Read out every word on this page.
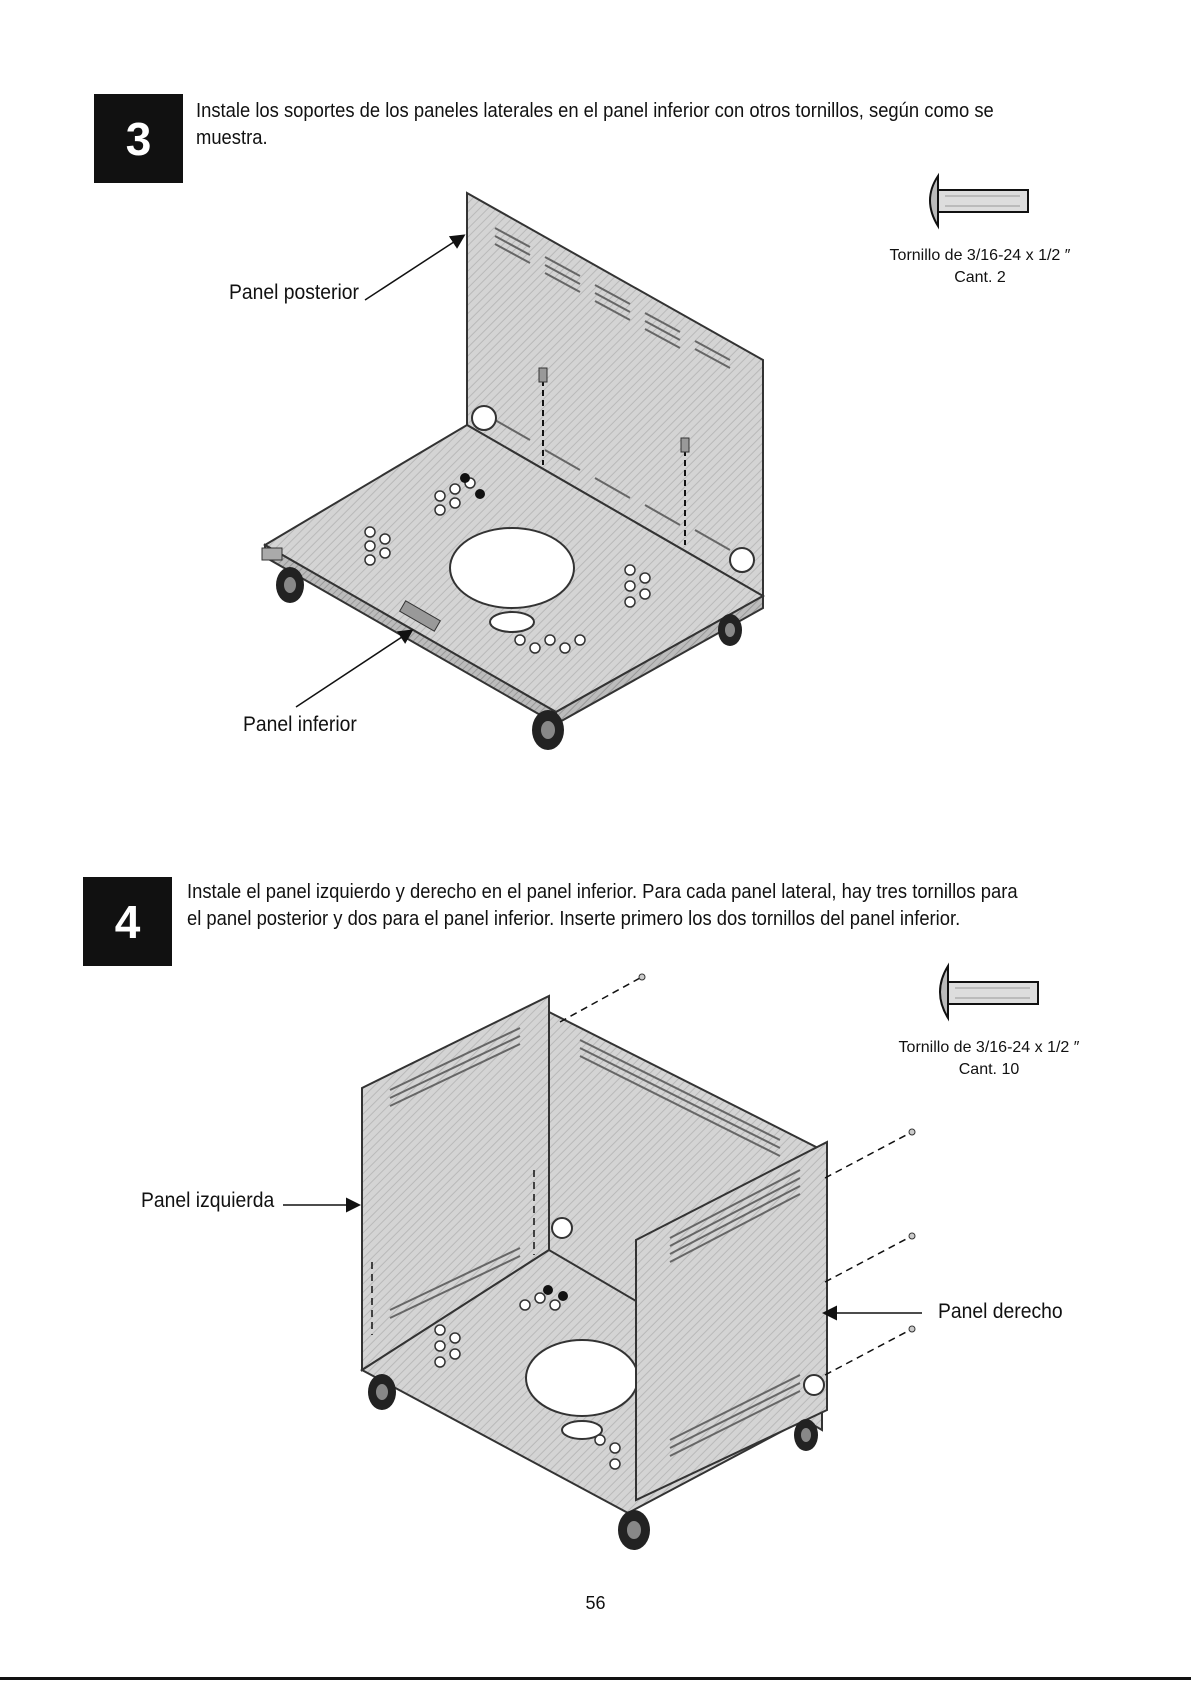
3
Instale los soportes de los paneles laterales en el panel inferior con otros tornillos, según como se
muestra.
Panel posterior
Panel inferior
Tornillo de 3/16-24 x 1/2 ″
Cant. 2
4
Instale el panel izquierdo y derecho en el panel inferior. Para cada panel lateral, hay tres tornillos para
el panel posterior y dos para el panel inferior. Inserte primero los dos tornillos del panel inferior.
Panel izquierda
Panel derecho
Tornillo de 3/16-24 x 1/2 ″
Cant. 10
56
